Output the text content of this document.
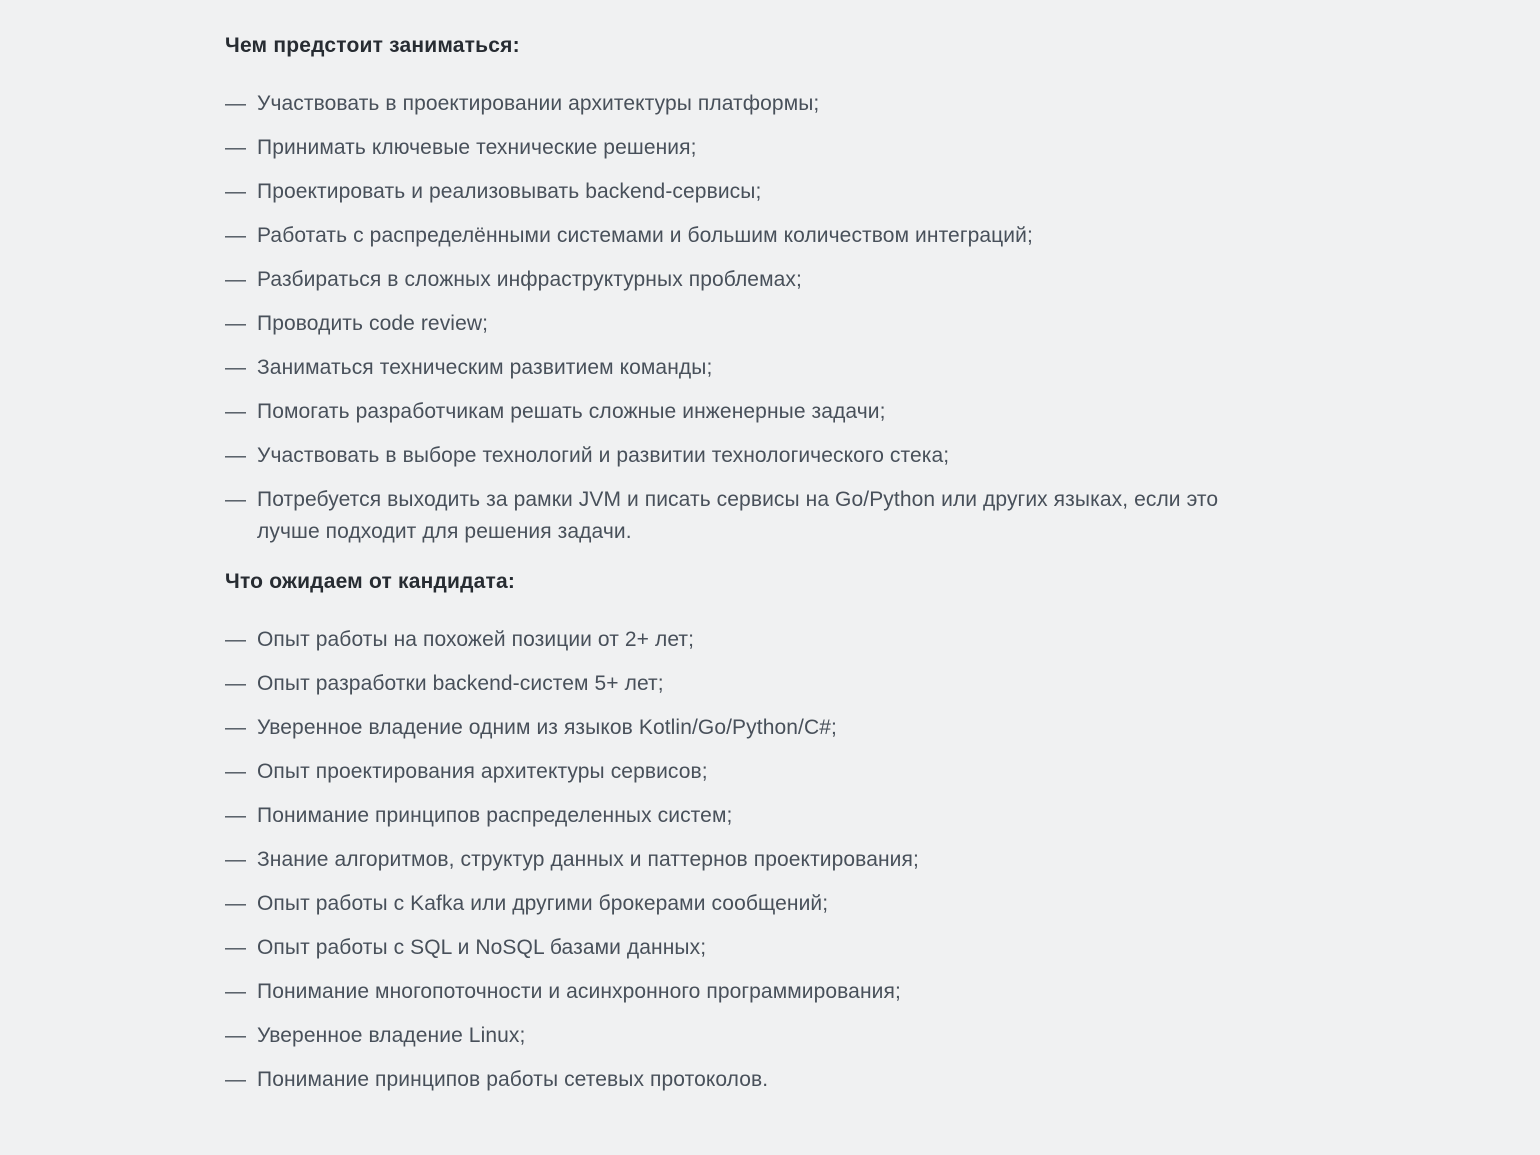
Чем предстоит заниматься:
— Участвовать в проектировании архитектуры платформы;
— Принимать ключевые технические решения;
— Проектировать и реализовывать backend-сервисы;
— Работать с распределёнными системами и большим количеством интеграций;
— Разбираться в сложных инфраструктурных проблемах;
— Проводить code review;
— Заниматься техническим развитием команды;
— Помогать разработчикам решать сложные инженерные задачи;
— Участвовать в выборе технологий и развитии технологического стека;
— Потребуется выходить за рамки JVM и писать сервисы на Go/Python или других языках, если это лучше подходит для решения задачи.
Что ожидаем от кандидата:
— Опыт работы на похожей позиции от 2+ лет;
— Опыт разработки backend-систем 5+ лет;
— Уверенное владение одним из языков Kotlin/Go/Python/C#;
— Опыт проектирования архитектуры сервисов;
— Понимание принципов распределенных систем;
— Знание алгоритмов, структур данных и паттернов проектирования;
— Опыт работы с Kafka или другими брокерами сообщений;
— Опыт работы с SQL и NoSQL базами данных;
— Понимание многопоточности и асинхронного программирования;
— Уверенное владение Linux;
— Понимание принципов работы сетевых протоколов.
